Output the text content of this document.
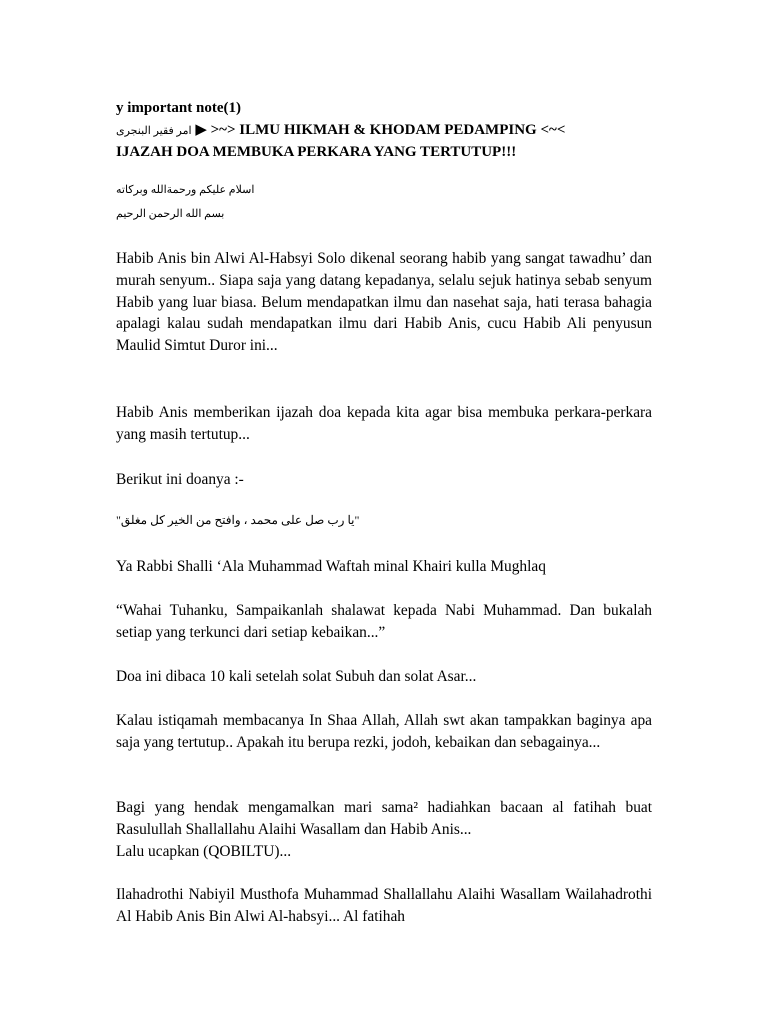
y important note(1)
امر فقير البنجرى ▶ >~> ILMU HIKMAH & KHODAM PEDAMPING <~<
IJAZAH DOA MEMBUKA PERKARA YANG TERTUTUP!!!
اسلام عليكم ورحمةالله وبركاته
بسم الله الرحمن الرحيم

Habib Anis bin Alwi Al-Habsyi Solo dikenal seorang habib yang sangat tawadhu’ dan murah senyum.. Siapa saja yang datang kepadanya, selalu sejuk hatinya sebab senyum Habib yang luar biasa. Belum mendapatkan ilmu dan nasehat saja, hati terasa bahagia apalagi kalau sudah mendapatkan ilmu dari Habib Anis, cucu Habib Ali penyusun Maulid Simtut Duror ini...

Habib Anis memberikan ijazah doa kepada kita agar bisa membuka perkara-perkara yang masih tertutup...

Berikut ini doanya :-

"يا رب صل على محمد ، وافتح من الخير كل مغلق"

Ya Rabbi Shalli ‘Ala Muhammad Waftah minal Khairi kulla Mughlaq

“Wahai Tuhanku, Sampaikanlah shalawat kepada Nabi Muhammad. Dan bukalah setiap yang terkunci dari setiap kebaikan...”

Doa ini dibaca 10 kali setelah solat Subuh dan solat Asar...

Kalau istiqamah membacanya In Shaa Allah, Allah swt akan tampakkan baginya apa saja yang tertutup.. Apakah itu berupa rezki, jodoh, kebaikan dan sebagainya...

Bagi yang hendak mengamalkan mari sama² hadiahkan bacaan al fatihah buat Rasulullah Shallallahu Alaihi Wasallam dan Habib Anis...
Lalu ucapkan (QOBILTU)...

Ilahadrothi Nabiyil Musthofa Muhammad Shallallahu Alaihi Wasallam Wailahadrothi Al Habib Anis Bin Alwi Al-habsyi... Al fatihah
